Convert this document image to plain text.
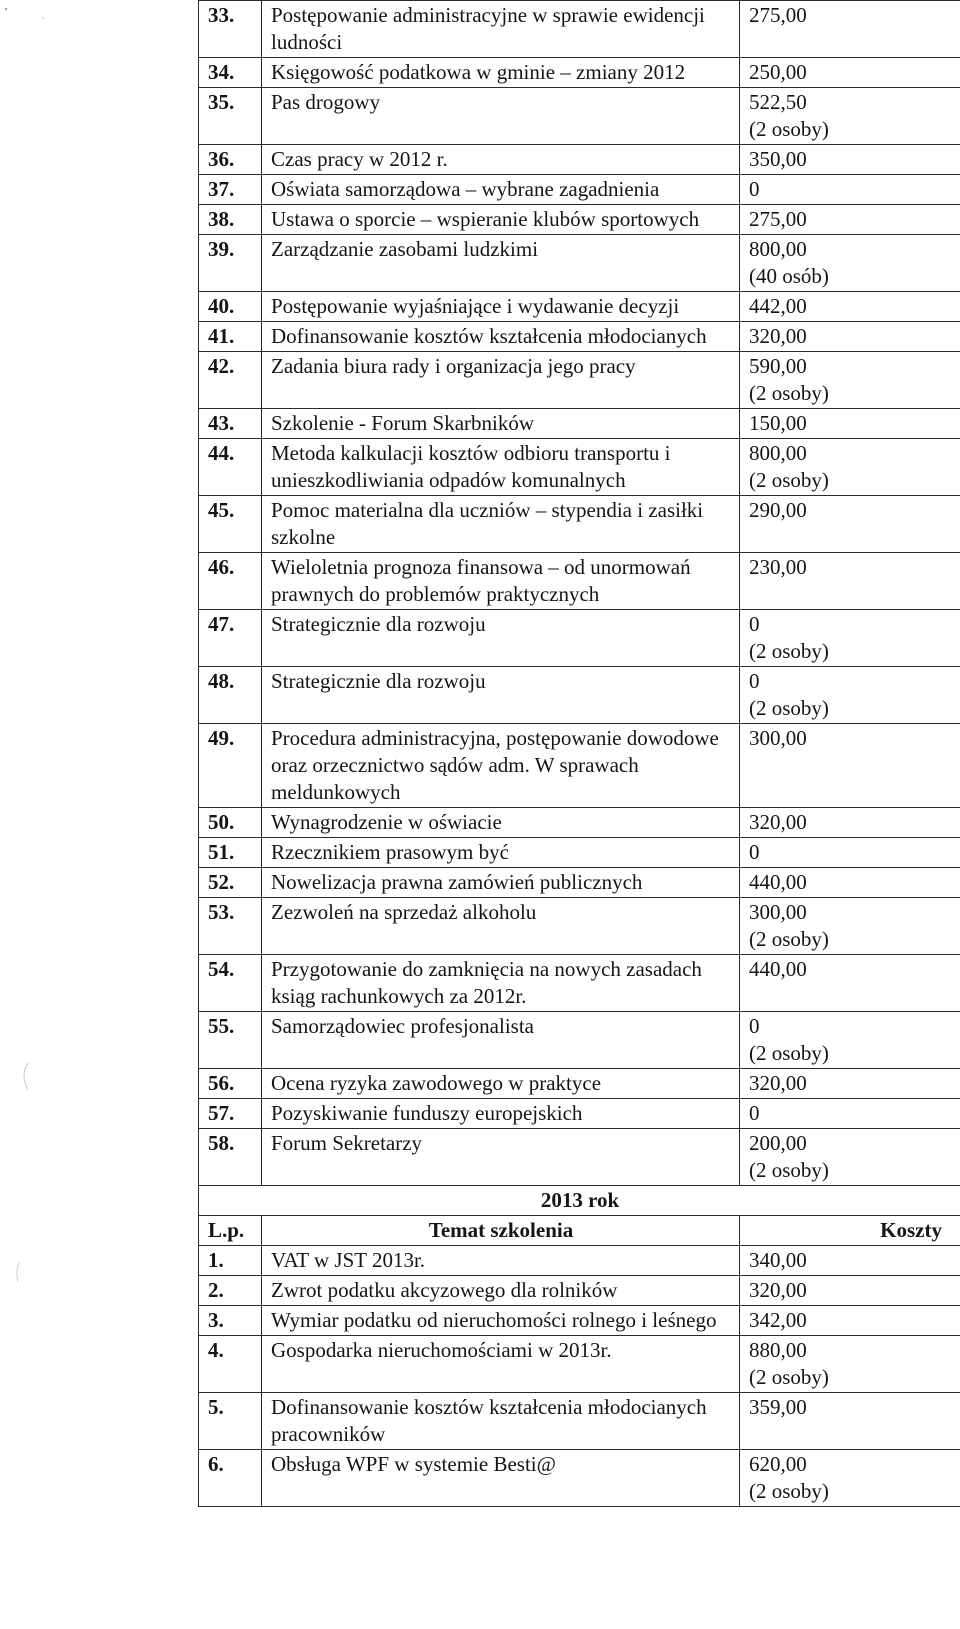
33.	Postępowanie administracyjne w sprawie ewidencji ludności	275,00

34.	Księgowość podatkowa w gminie – zmiany 2012	250,00

35.	Pas drogowy	522,50
(2 osoby)

36.	Czas pracy w 2012 r.	350,00

37.	Oświata samorządowa – wybrane zagadnienia	0

38.	Ustawa o sporcie – wspieranie klubów sportowych	275,00

39.	Zarządzanie zasobami ludzkimi	800,00
(40 osób)

40.	Postępowanie wyjaśniające i wydawanie decyzji	442,00

41.	Dofinansowanie kosztów kształcenia młodocianych	320,00

42.	Zadania biura rady i organizacja jego pracy	590,00
(2 osoby)

43.	Szkolenie - Forum Skarbników	150,00

44.	Metoda kalkulacji kosztów odbioru transportu i unieszkodliwiania odpadów komunalnych	800,00
(2 osoby)

45.	Pomoc materialna dla uczniów – stypendia i zasiłki szkolne	290,00

46.	Wieloletnia prognoza finansowa – od unormowań prawnych do problemów praktycznych	230,00

47.	Strategicznie dla rozwoju	0
(2 osoby)

48.	Strategicznie dla rozwoju	0
(2 osoby)

49.	Procedura administracyjna, postępowanie dowodowe oraz orzecznictwo sądów adm. W sprawach meldunkowych	300,00

50.	Wynagrodzenie w oświacie	320,00

51.	Rzecznikiem prasowym być	0

52.	Nowelizacja prawna zamówień publicznych	440,00

53.	Zezwoleń na sprzedaż alkoholu	300,00
(2 osoby)

54.	Przygotowanie do zamknięcia na nowych zasadach ksiąg rachunkowych za 2012r.	440,00

55.	Samorządowiec profesjonalista	0
(2 osoby)

56.	Ocena ryzyka zawodowego w praktyce	320,00

57.	Pozyskiwanie funduszy europejskich	0

58.	Forum Sekretarzy	200,00
(2 osoby)

2013 rok		
L.p.	Temat szkolenia	Koszty
1.	VAT w JST 2013r.	340,00

2.	Zwrot podatku akcyzowego dla rolników	320,00

3.	Wymiar podatku od nieruchomości rolnego i leśnego	342,00

4.	Gospodarka nieruchomościami w 2013r.	880,00
(2 osoby)

5.	Dofinansowanie kosztów kształcenia młodocianych pracowników	359,00

6.	Obsługa WPF w systemie Besti@	620,00
(2 osoby)
